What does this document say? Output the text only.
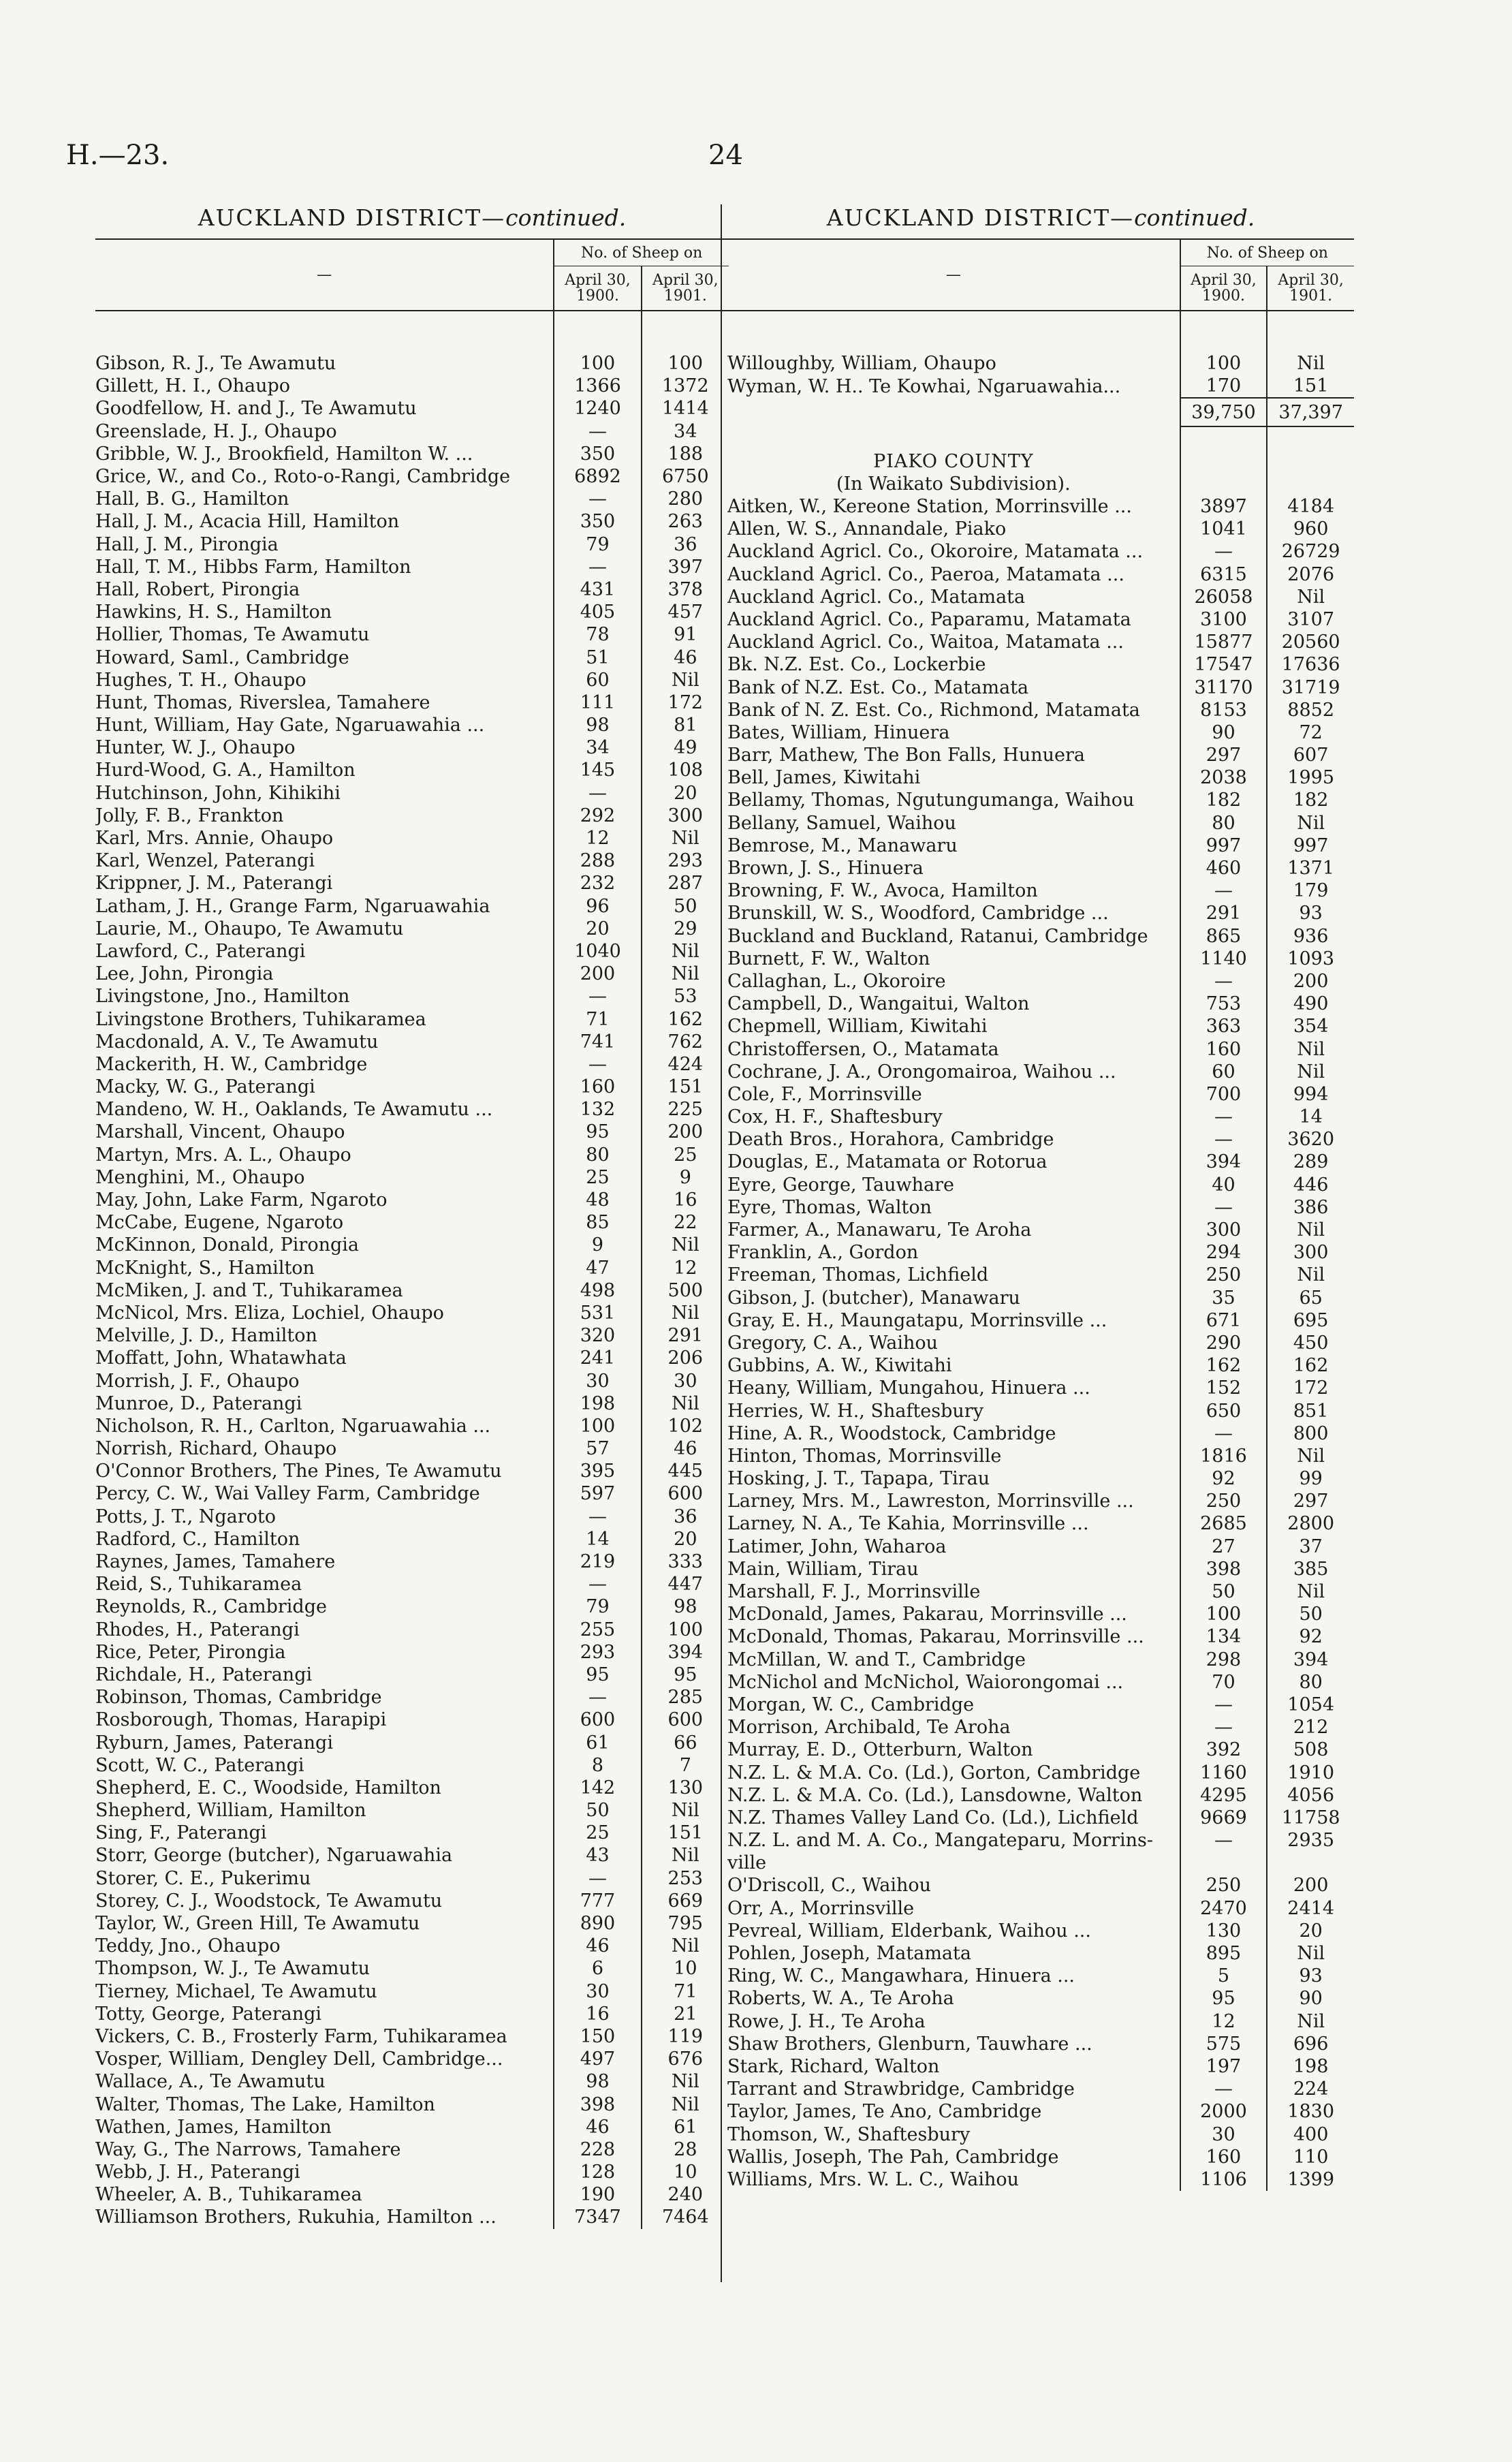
H.—23.	24
AUCKLAND DISTRICT—continued.
—	No. of Sheep on	
	April 30, 1900.	April 30, 1901.

Gibson, R. J., Te Awamutu	100	100
Gillett, H. I., Ohaupo	1366	1372
Goodfellow, H. and J., Te Awamutu	1240	1414
Greenslade, H. J., Ohaupo	—	34
Gribble, W. J., Brookfield, Hamilton W. ...	350	188
Grice, W., and Co., Roto-o-Rangi, Cambridge	6892	6750
Hall, B. G., Hamilton	—	280
Hall, J. M., Acacia Hill, Hamilton	350	263
Hall, J. M., Pirongia	79	36
Hall, T. M., Hibbs Farm, Hamilton	—	397
Hall, Robert, Pirongia	431	378
Hawkins, H. S., Hamilton	405	457
Hollier, Thomas, Te Awamutu	78	91
Howard, Saml., Cambridge	51	46
Hughes, T. H., Ohaupo	60	Nil
Hunt, Thomas, Riverslea, Tamahere	111	172
Hunt, William, Hay Gate, Ngaruawahia ...	98	81
Hunter, W. J., Ohaupo	34	49
Hurd-Wood, G. A., Hamilton	145	108
Hutchinson, John, Kihikihi	—	20
Jolly, F. B., Frankton	292	300
Karl, Mrs. Annie, Ohaupo	12	Nil
Karl, Wenzel, Paterangi	288	293
Krippner, J. M., Paterangi	232	287
Latham, J. H., Grange Farm, Ngaruawahia	96	50
Laurie, M., Ohaupo, Te Awamutu	20	29
Lawford, C., Paterangi	1040	Nil
Lee, John, Pirongia	200	Nil
Livingstone, Jno., Hamilton	—	53
Livingstone Brothers, Tuhikaramea	71	162
Macdonald, A. V., Te Awamutu	741	762
Mackerith, H. W., Cambridge	—	424
Macky, W. G., Paterangi	160	151
Mandeno, W. H., Oaklands, Te Awamutu ...	132	225
Marshall, Vincent, Ohaupo	95	200
Martyn, Mrs. A. L., Ohaupo	80	25
Menghini, M., Ohaupo	25	9
May, John, Lake Farm, Ngaroto	48	16
McCabe, Eugene, Ngaroto	85	22
McKinnon, Donald, Pirongia	9	Nil
McKnight, S., Hamilton	47	12
McMiken, J. and T., Tuhikaramea	498	500
McNicol, Mrs. Eliza, Lochiel, Ohaupo	531	Nil
Melville, J. D., Hamilton	320	291
Moffatt, John, Whatawhata	241	206
Morrish, J. F., Ohaupo	30	30
Munroe, D., Paterangi	198	Nil
Nicholson, R. H., Carlton, Ngaruawahia ...	100	102
Norrish, Richard, Ohaupo	57	46
O'Connor Brothers, The Pines, Te Awamutu	395	445
Percy, C. W., Wai Valley Farm, Cambridge	597	600
Potts, J. T., Ngaroto	—	36
Radford, C., Hamilton	14	20
Raynes, James, Tamahere	219	333
Reid, S., Tuhikaramea	—	447
Reynolds, R., Cambridge	79	98
Rhodes, H., Paterangi	255	100
Rice, Peter, Pirongia	293	394
Richdale, H., Paterangi	95	95
Robinson, Thomas, Cambridge	—	285
Rosborough, Thomas, Harapipi	600	600
Ryburn, James, Paterangi	61	66
Scott, W. C., Paterangi	8	7
Shepherd, E. C., Woodside, Hamilton	142	130
Shepherd, William, Hamilton	50	Nil
Sing, F., Paterangi	25	151
Storr, George (butcher), Ngaruawahia	43	Nil
Storer, C. E., Pukerimu	—	253
Storey, C. J., Woodstock, Te Awamutu	777	669
Taylor, W., Green Hill, Te Awamutu	890	795
Teddy, Jno., Ohaupo	46	Nil
Thompson, W. J., Te Awamutu	6	10
Tierney, Michael, Te Awamutu	30	71
Totty, George, Paterangi	16	21
Vickers, C. B., Frosterly Farm, Tuhikaramea	150	119
Vosper, William, Dengley Dell, Cambridge...	497	676
Wallace, A., Te Awamutu	98	Nil
Walter, Thomas, The Lake, Hamilton	398	Nil
Wathen, James, Hamilton	46	61
Way, G., The Narrows, Tamahere	228	28
Webb, J. H., Paterangi	128	10
Wheeler, A. B., Tuhikaramea	190	240
Williamson Brothers, Rukuhia, Hamilton ...	7347	7464
AUCKLAND DISTRICT—continued.
—	No. of Sheep on	
	April 30, 1900.	April 30, 1901.

Willoughby, William, Ohaupo	100	Nil
Wyman, W. H.. Te Kowhai, Ngaruawahia...	170	151
	39,750	37,397

PIAKO COUNTY		
(In Waikato Subdivision).		
Aitken, W., Kereone Station, Morrinsville ...	3897	4184
Allen, W. S., Annandale, Piako	1041	960
Auckland Agricl. Co., Okoroire, Matamata ...	—	26729
Auckland Agricl. Co., Paeroa, Matamata ...	6315	2076
Auckland Agricl. Co., Matamata	26058	Nil
Auckland Agricl. Co., Paparamu, Matamata	3100	3107
Auckland Agricl. Co., Waitoa, Matamata ...	15877	20560
Bk. N.Z. Est. Co., Lockerbie	17547	17636
Bank of N.Z. Est. Co., Matamata	31170	31719
Bank of N. Z. Est. Co., Richmond, Matamata	8153	8852
Bates, William, Hinuera	90	72
Barr, Mathew, The Bon Falls, Hunuera	297	607
Bell, James, Kiwitahi	2038	1995
Bellamy, Thomas, Ngutungumanga, Waihou	182	182
Bellany, Samuel, Waihou	80	Nil
Bemrose, M., Manawaru	997	997
Brown, J. S., Hinuera	460	1371
Browning, F. W., Avoca, Hamilton	—	179
Brunskill, W. S., Woodford, Cambridge ...	291	93
Buckland and Buckland, Ratanui, Cambridge	865	936
Burnett, F. W., Walton	1140	1093
Callaghan, L., Okoroire	—	200
Campbell, D., Wangaitui, Walton	753	490
Chepmell, William, Kiwitahi	363	354
Christoffersen, O., Matamata	160	Nil
Cochrane, J. A., Orongomairoa, Waihou ...	60	Nil
Cole, F., Morrinsville	700	994
Cox, H. F., Shaftesbury	—	14
Death Bros., Horahora, Cambridge	—	3620
Douglas, E., Matamata or Rotorua	394	289
Eyre, George, Tauwhare	40	446
Eyre, Thomas, Walton	—	386
Farmer, A., Manawaru, Te Aroha	300	Nil
Franklin, A., Gordon	294	300
Freeman, Thomas, Lichfield	250	Nil
Gibson, J. (butcher), Manawaru	35	65
Gray, E. H., Maungatapu, Morrinsville ...	671	695
Gregory, C. A., Waihou	290	450
Gubbins, A. W., Kiwitahi	162	162
Heany, William, Mungahou, Hinuera ...	152	172
Herries, W. H., Shaftesbury	650	851
Hine, A. R., Woodstock, Cambridge	—	800
Hinton, Thomas, Morrinsville	1816	Nil
Hosking, J. T., Tapapa, Tirau	92	99
Larney, Mrs. M., Lawreston, Morrinsville ...	250	297
Larney, N. A., Te Kahia, Morrinsville ...	2685	2800
Latimer, John, Waharoa	27	37
Main, William, Tirau	398	385
Marshall, F. J., Morrinsville	50	Nil
McDonald, James, Pakarau, Morrinsville ...	100	50
McDonald, Thomas, Pakarau, Morrinsville ...	134	92
McMillan, W. and T., Cambridge	298	394
McNichol and McNichol, Waiorongomai ...	70	80
Morgan, W. C., Cambridge	—	1054
Morrison, Archibald, Te Aroha	—	212
Murray, E. D., Otterburn, Walton	392	508
N.Z. L. & M.A. Co. (Ld.), Gorton, Cambridge	1160	1910
N.Z. L. & M.A. Co. (Ld.), Lansdowne, Walton	4295	4056
N.Z. Thames Valley Land Co. (Ld.), Lichfield	9669	11758
N.Z. L. and M. A. Co., Mangateparu, Morrins-	—	2935
ville		
O'Driscoll, C., Waihou	250	200
Orr, A., Morrinsville	2470	2414
Pevreal, William, Elderbank, Waihou ...	130	20
Pohlen, Joseph, Matamata	895	Nil
Ring, W. C., Mangawhara, Hinuera ...	5	93
Roberts, W. A., Te Aroha	95	90
Rowe, J. H., Te Aroha	12	Nil
Shaw Brothers, Glenburn, Tauwhare ...	575	696
Stark, Richard, Walton	197	198
Tarrant and Strawbridge, Cambridge	—	224
Taylor, James, Te Ano, Cambridge	2000	1830
Thomson, W., Shaftesbury	30	400
Wallis, Joseph, The Pah, Cambridge	160	110
Williams, Mrs. W. L. C., Waihou	1106	1399
